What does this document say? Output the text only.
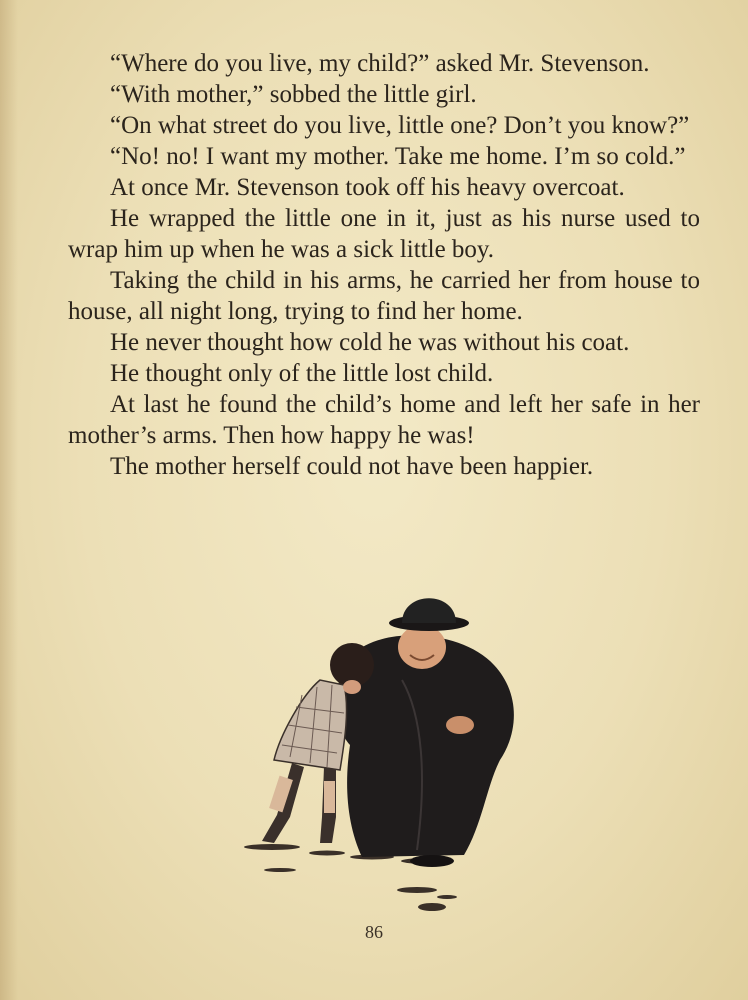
“Where do you live, my child?” asked Mr. Stevenson.

“With mother,” sobbed the little girl.

“On what street do you live, little one? Don’t you know?”

“No! no! I want my mother. Take me home. I’m so cold.”

At once Mr. Stevenson took off his heavy overcoat.

He wrapped the little one in it, just as his nurse used to wrap him up when he was a sick little boy.

Taking the child in his arms, he carried her from house to house, all night long, trying to find her home.

He never thought how cold he was without his coat.

He thought only of the little lost child.

At last he found the child’s home and left her safe in her mother’s arms. Then how happy he was!

The mother herself could not have been happier.

86
